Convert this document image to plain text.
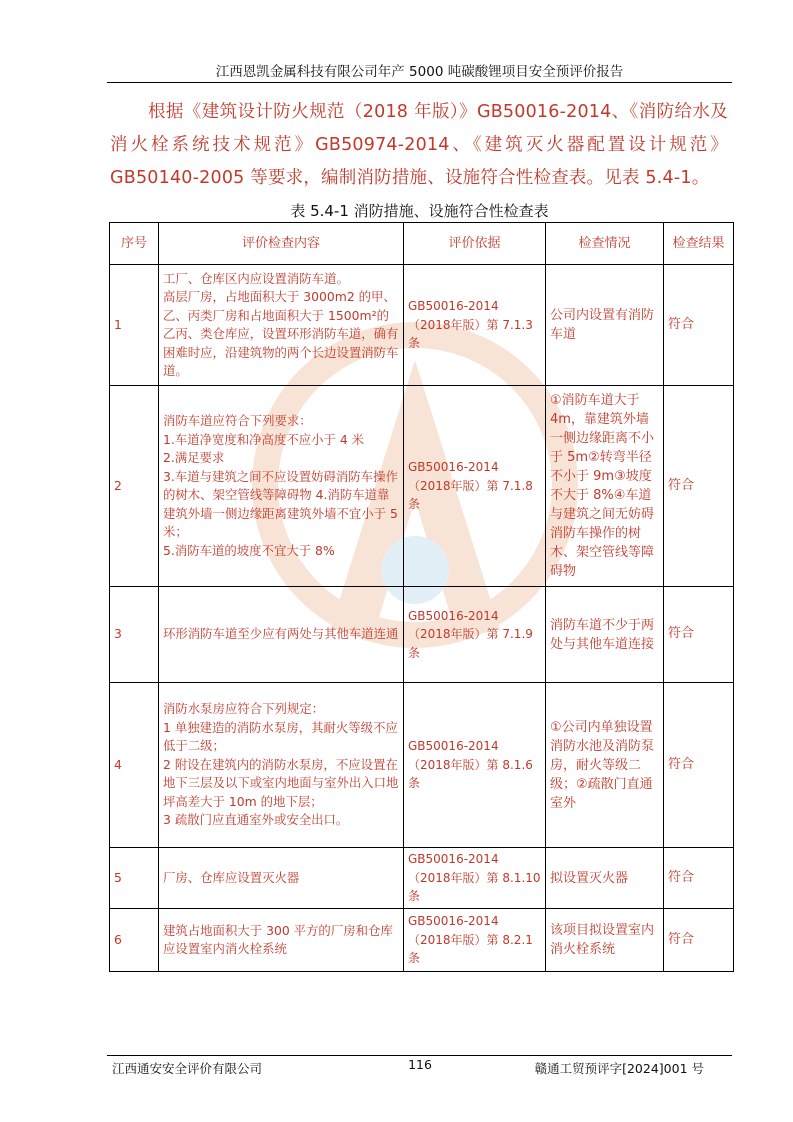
江西恩凯金属科技有限公司年产 5000 吨碳酸锂项目安全预评价报告
根据《建筑设计防火规范（2018 年版）》GB50016-2014、《消防给水及消火栓系统技术规范》GB50974-2014、《建筑灭火器配置设计规范》GB50140-2005 等要求，编制消防措施、设施符合性检查表。见表 5.4-1。
表 5.4-1 消防措施、设施符合性检查表
序号	评价检查内容	评价依据	检查情况	检查结果
1	工厂、仓库区内应设置消防车道。
高层厂房，占地面积大于 3000m2 的甲、乙、丙类厂房和占地面积大于 1500m²的乙丙、类仓库应，设置环形消防车道，确有困难时应，沿建筑物的两个长边设置消防车道。	GB50016-2014（2018年版）第 7.1.3 条	公司内设置有消防车道	符合
2	消防车道应符合下列要求：
1.车道净宽度和净高度不应小于 4 米
2.满足要求
3.车道与建筑之间不应设置妨碍消防车操作的树木、架空管线等障碍物 4.消防车道靠建筑外墙一侧边缘距离建筑外墙不宜小于 5 米；
5.消防车道的坡度不宜大于 8%	GB50016-2014（2018年版）第 7.1.8 条	①消防车道大于 4m，靠建筑外墙一侧边缘距离不小于 5m②转弯半径不小于 9m③坡度不大于 8%④车道与建筑之间无妨碍消防车操作的树木、架空管线等障碍物	符合
3	环形消防车道至少应有两处与其他车道连通	GB50016-2014（2018年版）第 7.1.9 条	消防车道不少于两处与其他车道连接	符合
4	消防水泵房应符合下列规定：
1 单独建造的消防水泵房，其耐火等级不应低于二级；
2 附设在建筑内的消防水泵房，不应设置在地下三层及以下或室内地面与室外出入口地坪高差大于 10m 的地下层；
3 疏散门应直通室外或安全出口。	GB50016-2014（2018年版）第 8.1.6 条	①公司内单独设置消防水池及消防泵房，耐火等级二级；②疏散门直通室外	符合
5	厂房、仓库应设置灭火器	GB50016-2014（2018年版）第 8.1.10 条	拟设置灭火器	符合
6	建筑占地面积大于 300 平方的厂房和仓库应设置室内消火栓系统	GB50016-2014（2018年版）第 8.2.1 条	该项目拟设置室内消火栓系统	符合
江西通安安全评价有限公司	116	赣通工贸预评字[2024]001 号
